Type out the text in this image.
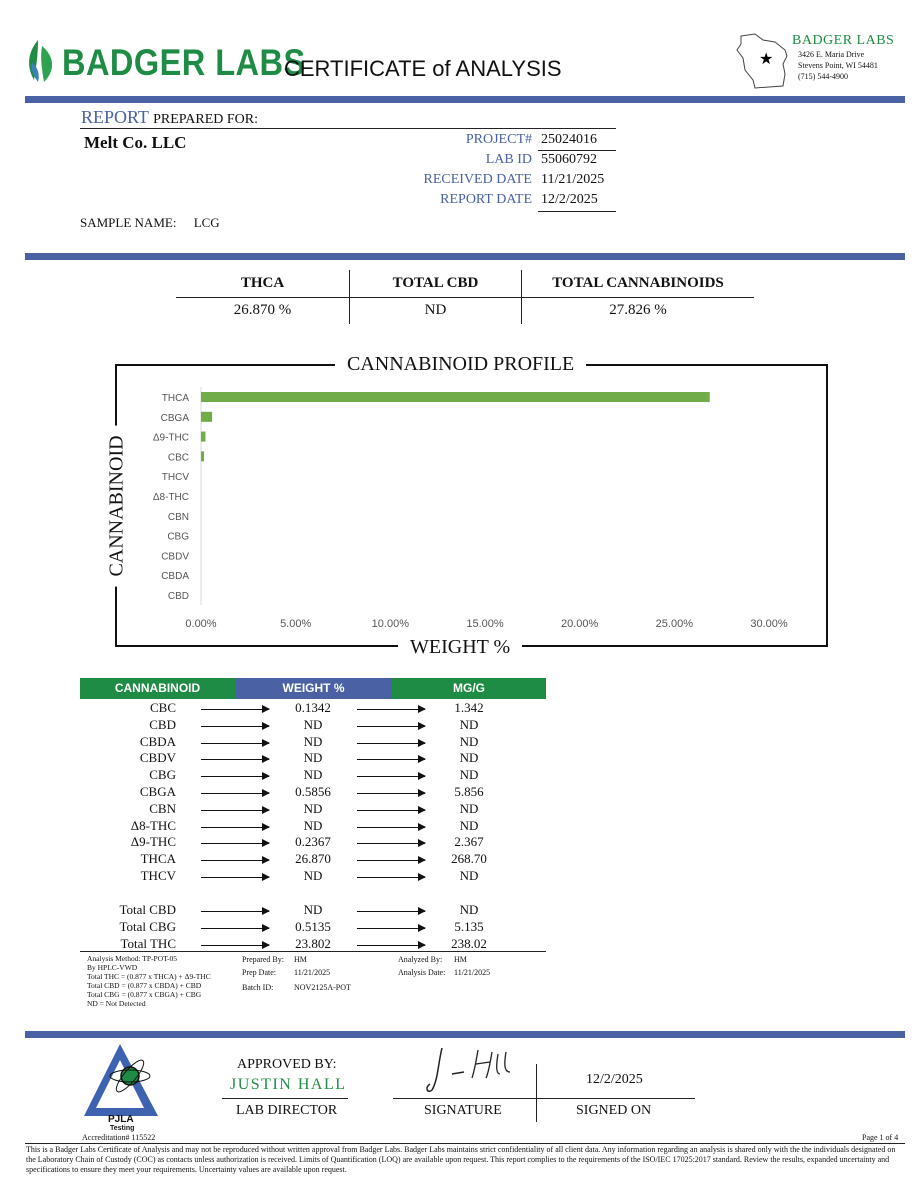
BADGER LABS
CERTIFICATE of ANALYSIS	★
BADGER LABS
3426 E. Maria Drive
Stevens Point, WI 54481
(715) 544-4900
REPORT PREPARED FOR:
Melt Co. LLC	PROJECT# 25024016
LAB ID 55060792
RECEIVED DATE 11/21/2025
REPORT DATE 12/2/2025
SAMPLE NAME: LCG
THCA	TOTAL CBD	TOTAL CANNABINOIDS
26.870 %	ND	27.826 %
THCA
CBGA
Δ9-THC
CBC
THCV
Δ8-THC
CBN
CBG
CBDV
CBDA
CBD
0.00%	5.00%	10.00%	15.00%	20.00%	25.00%	30.00%
CANNABINOID PROFILE
WEIGHT %
CANNABINOID
CANNABINOID	WEIGHT %	MG/G
CBC	0.1342	1.342
CBD	ND	ND
CBDA	ND	ND
CBDV	ND	ND
CBG	ND	ND
CBGA	0.5856	5.856
CBN	ND	ND
Δ8-THC	ND	ND
Δ9-THC	0.2367	2.367
THCA	26.870	268.70
THCV	ND	ND
Total CBD	ND	ND
Total CBG	0.5135	5.135
Total THC	23.802	238.02
Analysis Method: TP-POT-05
By HPLC-VWD
Total THC = (0.877 x THCA) + Δ9-THC
Total CBD = (0.877 x CBDA) + CBD
Total CBG = (0.877 x CBGA) + CBG
ND = Not Detected
Prepared By: HM
Prep Date: 11/21/2025
Batch ID:	NOV2125A-POT
Analyzed By: HM
Analysis Date: 11/21/2025
PJLA
Testing
Accreditation# 115522
APPROVED BY:
JUSTIN HALL
LAB DIRECTOR	SIGNATURE
12/2/2025
SIGNED ON
Page 1 of 4
This is a Badger Labs Certificate of Analysis and may not be reproduced without written approval from Badger Labs. Badger Labs maintains strict confidentiality of all client data. Any information regarding an analysis is shared only with the the individuals designated on the Laboratory Chain of Custody (COC) as contacts unless authorization is received. Limits of Quantification (LOQ) are available upon request. This report complies to the requirements of the ISO/IEC 17025:2017 standard. Review the results, expanded uncertainty and specifications to ensure they meet your requirements. Uncertainty values are available upon request.
